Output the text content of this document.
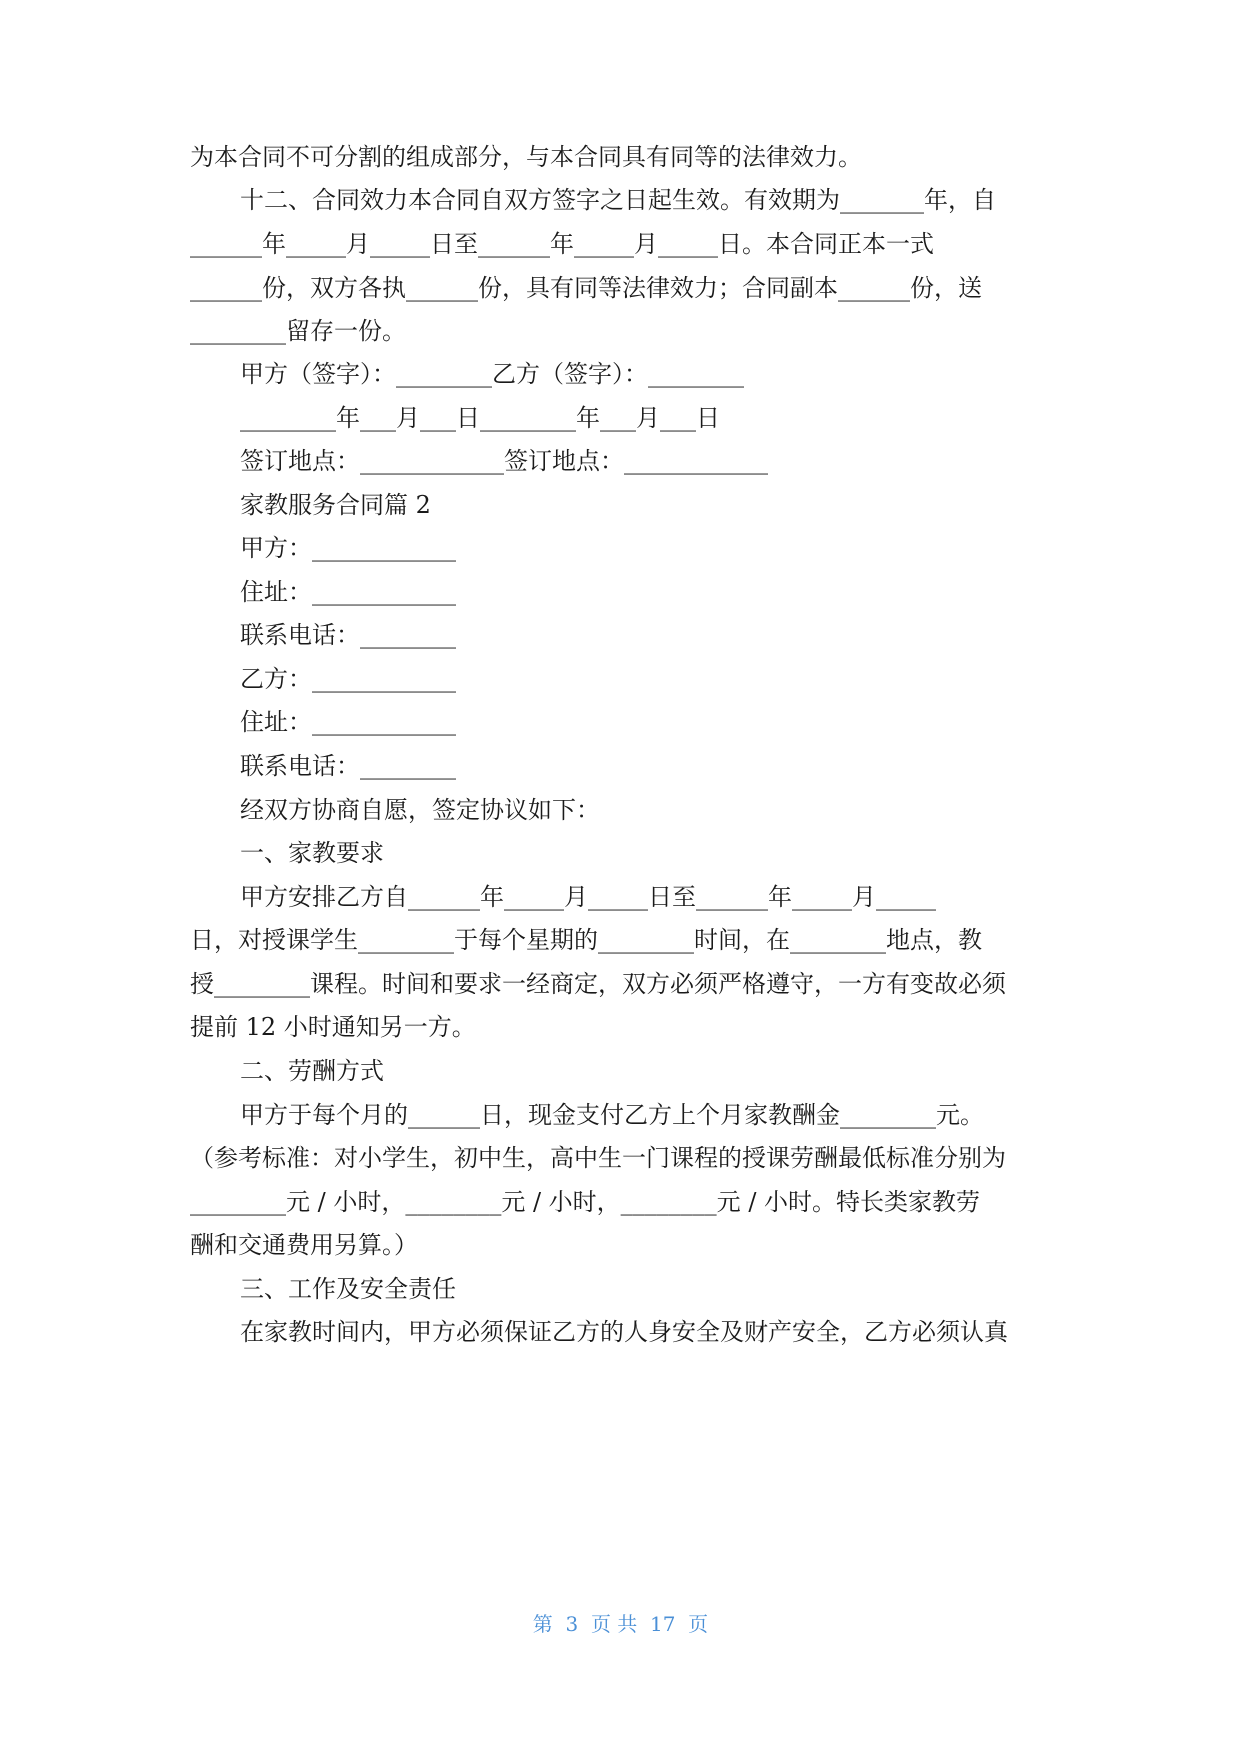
为本合同不可分割的组成部分，与本合同具有同等的法律效力。

十二、合同效力本合同自双方签字之日起生效。有效期为_______年，自

______年_____月_____日至______年_____月_____日。本合同正本一式

______份，双方各执______份，具有同等法律效力；合同副本______份，送

________留存一份。

甲方（签字）：________乙方（签字）：________

________年___月___日________年___月___日

签订地点：____________签订地点：____________

家教服务合同篇 2

甲方：____________

住址：____________

联系电话：________

乙方：____________

住址：____________

联系电话：________

经双方协商自愿，签定协议如下：

一、家教要求

甲方安排乙方自______年_____月_____日至______年_____月_____

日，对授课学生________于每个星期的________时间，在________地点，教

授________课程。时间和要求一经商定，双方必须严格遵守，一方有变故必须

提前 12 小时通知另一方。

二、劳酬方式

甲方于每个月的______日，现金支付乙方上个月家教酬金________元。

（参考标准：对小学生，初中生，高中生一门课程的授课劳酬最低标准分别为

________元 / 小时，________元 / 小时，________元 / 小时。特长类家教劳

酬和交通费用另算。）

三、工作及安全责任

在家教时间内，甲方必须保证乙方的人身安全及财产安全，乙方必须认真

第  3  页 共  17  页
